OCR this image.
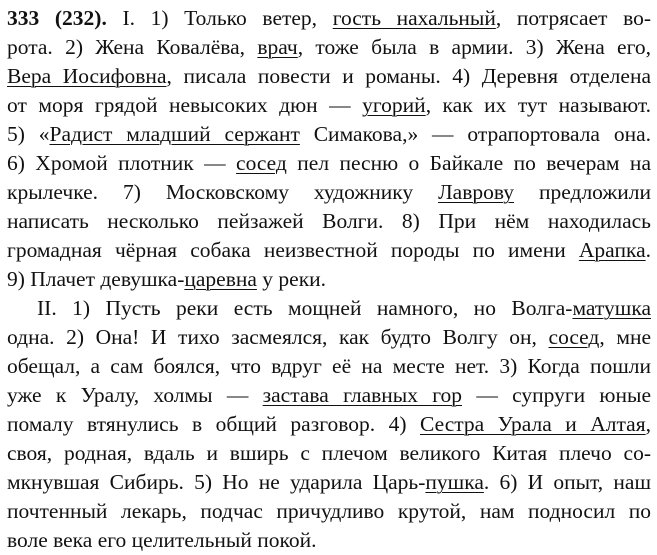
333 (232). I. 1) Только ветер, гость нахальный, потрясает во-
рота. 2) Жена Ковалёва, врач, тоже была в армии. 3) Жена его,
Вера Иосифовна, писала повести и романы. 4) Деревня отделена
от моря грядой невысоких дюн — угорий, как их тут называют.
5) «Радист младший сержант Симакова,» — отрапортовала она.
6) Хромой плотник — сосед пел песню о Байкале по вечерам на
крылечке. 7) Московскому художнику Лаврову предложили
написать несколько пейзажей Волги. 8) При нём находилась
громадная чёрная собака неизвестной породы по имени Арапка.
9) Плачет девушка-царевна у реки.
II. 1) Пусть реки есть мощней намного, но Волга-матушка
одна. 2) Она! И тихо засмеялся, как будто Волгу он, сосед, мне
обещал, а сам боялся, что вдруг её на месте нет. 3) Когда пошли
уже к Уралу, холмы — застава главных гор — супруги юные
помалу втянулись в общий разговор. 4) Сестра Урала и Алтая,
своя, родная, вдаль и вширь с плечом великого Китая плечо со-
мкнувшая Сибирь. 5) Но не ударила Царь-пушка. 6) И опыт, наш
почтенный лекарь, подчас причудливо крутой, нам подносил по
воле века его целительный покой.
